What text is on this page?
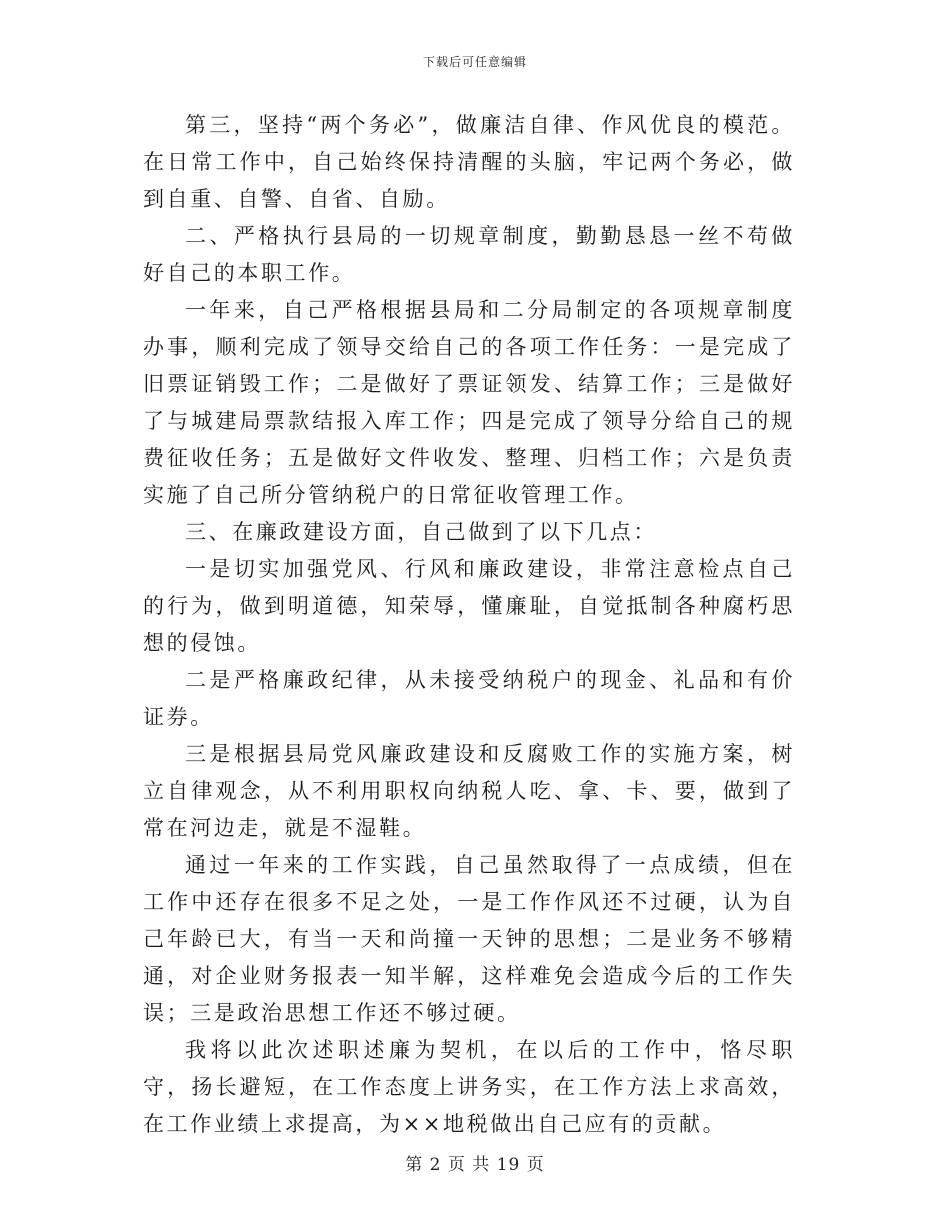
下载后可任意编辑

第三，坚持“两个务必”，做廉洁自律、作风优良的模范。在日常工作中，自己始终保持清醒的头脑，牢记两个务必，做到自重、自警、自省、自励。

二、严格执行县局的一切规章制度，勤勤恳恳一丝不苟做好自己的本职工作。

一年来，自己严格根据县局和二分局制定的各项规章制度办事，顺利完成了领导交给自己的各项工作任务：一是完成了旧票证销毁工作；二是做好了票证领发、结算工作；三是做好了与城建局票款结报入库工作；四是完成了领导分给自己的规费征收任务；五是做好文件收发、整理、归档工作；六是负责实施了自己所分管纳税户的日常征收管理工作。

三、在廉政建设方面，自己做到了以下几点：

一是切实加强党风、行风和廉政建设，非常注意检点自己的行为，做到明道德，知荣辱，懂廉耻，自觉抵制各种腐朽思想的侵蚀。

二是严格廉政纪律，从未接受纳税户的现金、礼品和有价证券。

三是根据县局党风廉政建设和反腐败工作的实施方案，树立自律观念，从不利用职权向纳税人吃、拿、卡、要，做到了常在河边走，就是不湿鞋。

通过一年来的工作实践，自己虽然取得了一点成绩，但在工作中还存在很多不足之处，一是工作作风还不过硬，认为自己年龄已大，有当一天和尚撞一天钟的思想；二是业务不够精通，对企业财务报表一知半解，这样难免会造成今后的工作失误；三是政治思想工作还不够过硬。

我将以此次述职述廉为契机，在以后的工作中，恪尽职守，扬长避短，在工作态度上讲务实，在工作方法上求高效，在工作业绩上求提高，为××地税做出自己应有的贡献。

第 2 页 共 19 页
